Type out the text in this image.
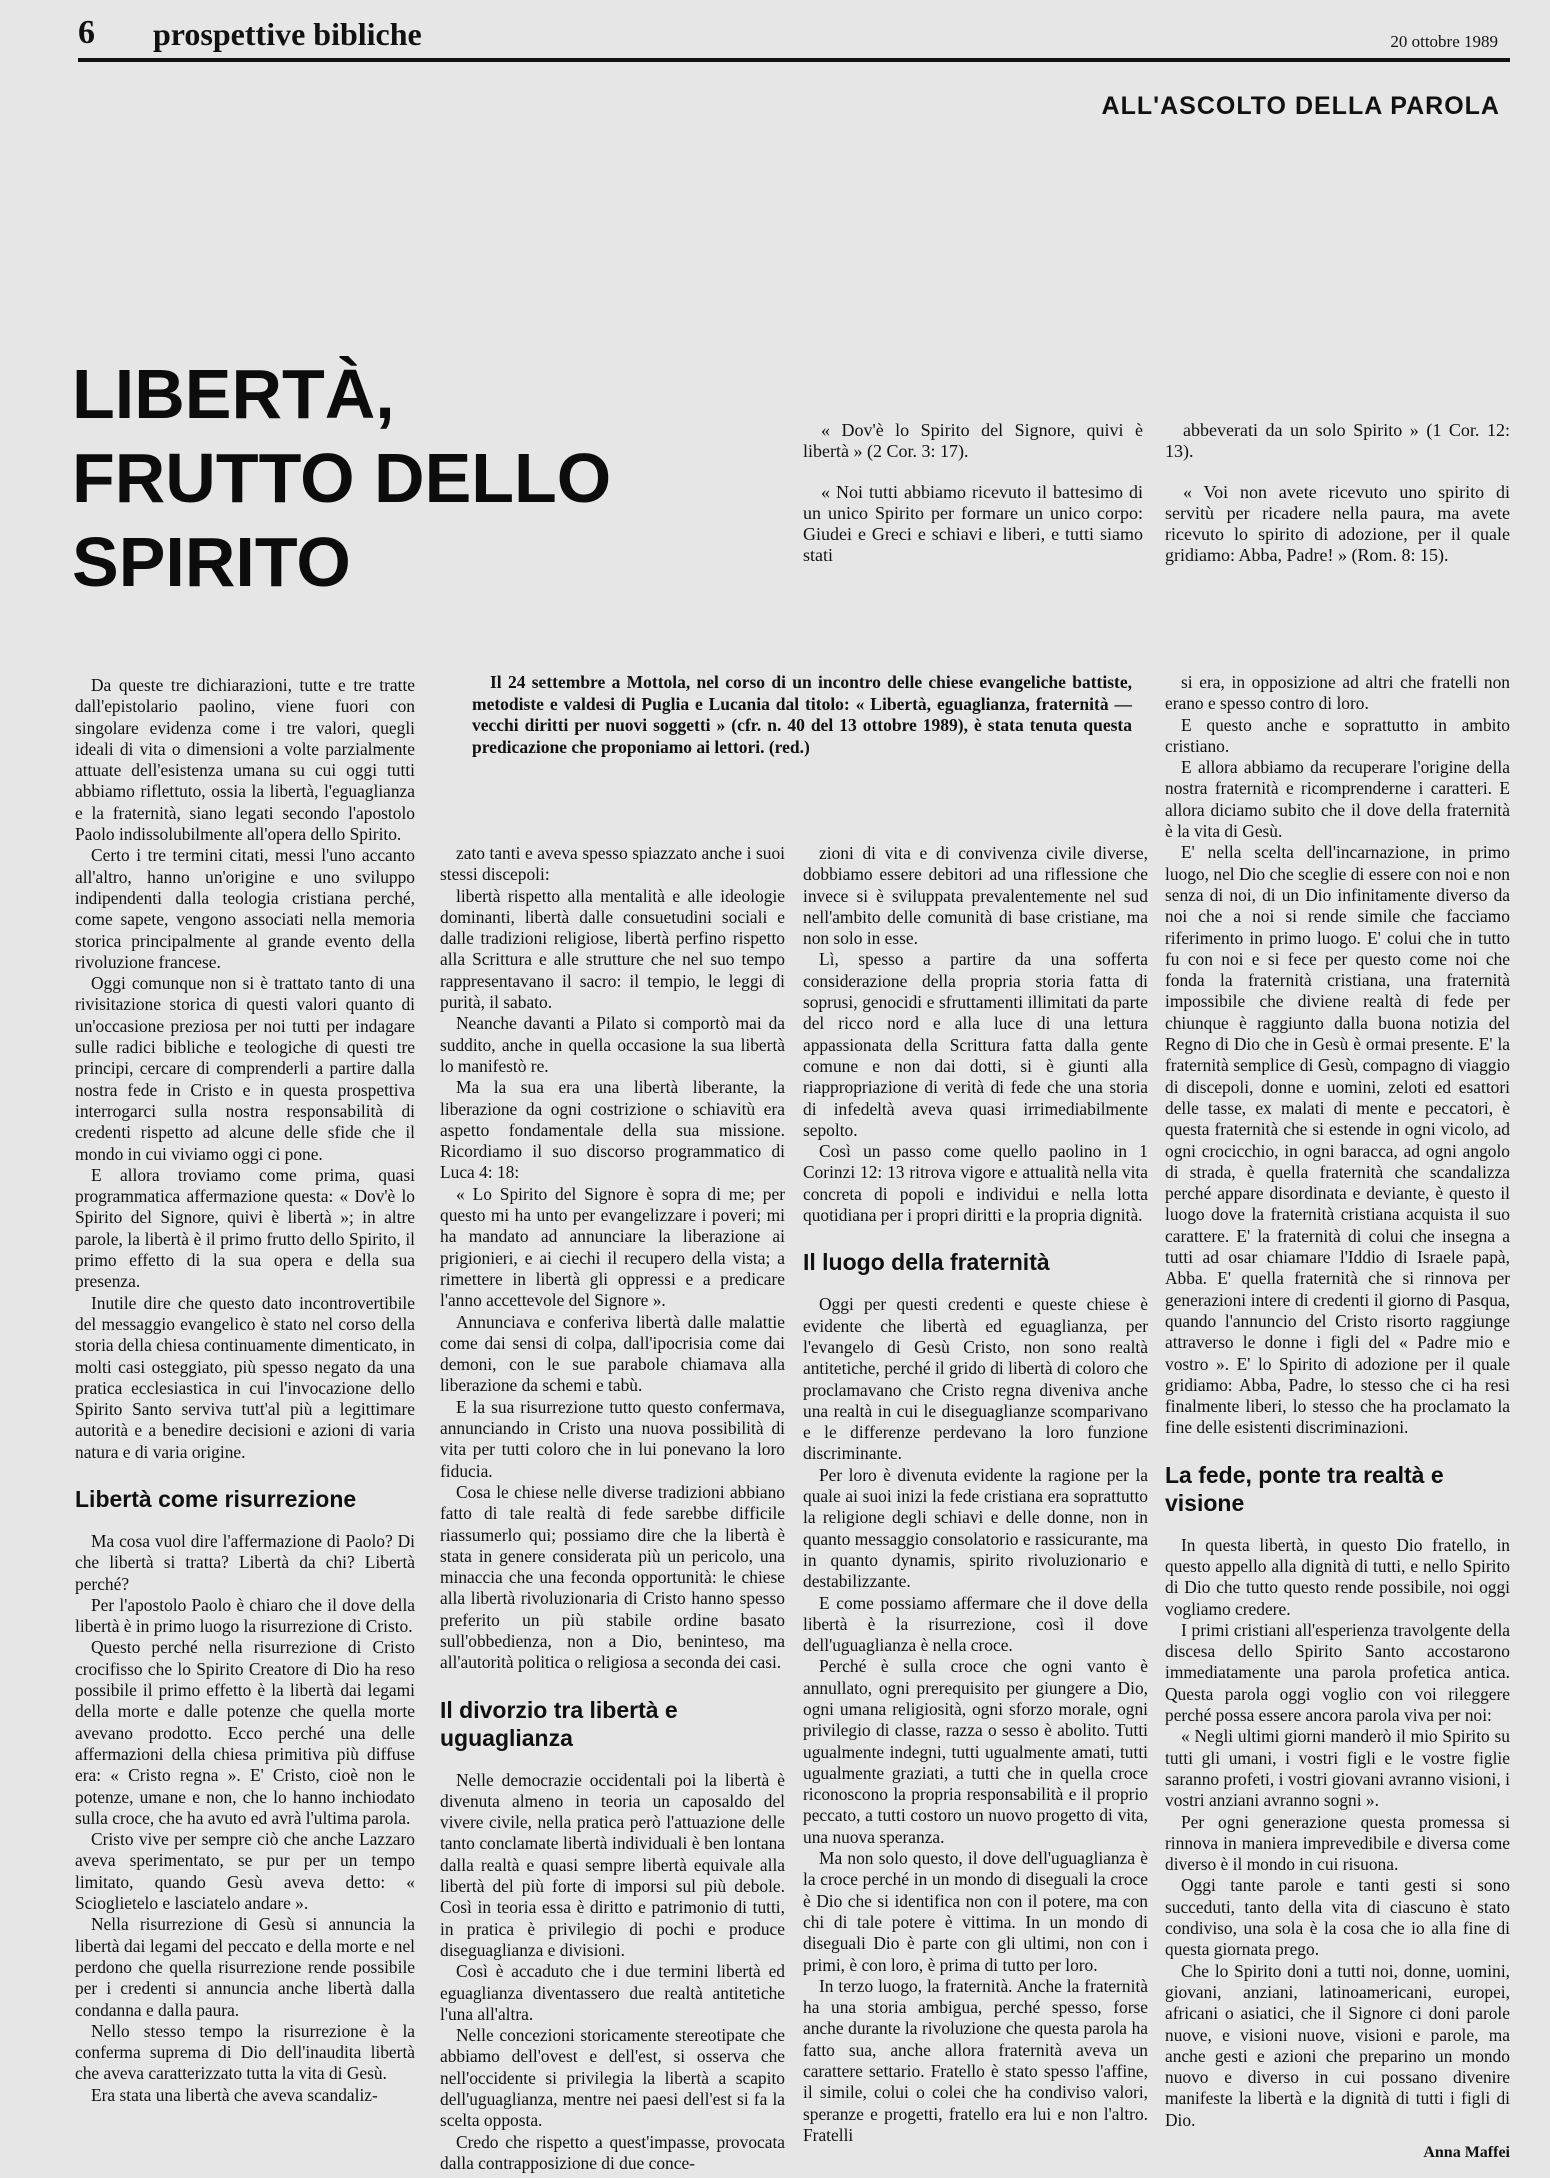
6 prospettive bibliche	20 ottobre 1989
ALL'ASCOLTO DELLA PAROLA
LIBERTÀ,
FRUTTO DELLO
SPIRITO

« Dov'è lo Spirito del Signore, quivi è libertà » (2 Cor. 3: 17).

« Noi tutti abbiamo ricevuto il battesimo di un unico Spirito per formare un unico corpo: Giudei e Greci e schiavi e liberi, e tutti siamo stati

abbeverati da un solo Spirito » (1 Cor. 12: 13).

« Voi non avete ricevuto uno spirito di servitù per ricadere nella paura, ma avete ricevuto lo spirito di adozione, per il quale gridiamo: Abba, Padre! » (Rom. 8: 15).

Il 24 settembre a Mottola, nel corso di un incontro delle chiese evangeliche battiste, metodiste e valdesi di Puglia e Lucania dal titolo: « Libertà, eguaglianza, fraternità — vecchi diritti per nuovi soggetti » (cfr. n. 40 del 13 ottobre 1989), è stata tenuta questa predicazione che proponiamo ai lettori. (red.)

Da queste tre dichiarazioni, tutte e tre tratte dall'epistolario paolino, viene fuori con singolare evidenza come i tre valori, quegli ideali di vita o dimensioni a volte parzialmente attuate dell'esistenza umana su cui oggi tutti abbiamo riflettuto, ossia la libertà, l'eguaglianza e la fraternità, siano legati secondo l'apostolo Paolo indissolubilmente all'opera dello Spirito.

Certo i tre termini citati, messi l'uno accanto all'altro, hanno un'origine e uno sviluppo indipendenti dalla teologia cristiana perché, come sapete, vengono associati nella memoria storica principalmente al grande evento della rivoluzione francese.

Oggi comunque non si è trattato tanto di una rivisitazione storica di questi valori quanto di un'occasione preziosa per noi tutti per indagare sulle radici bibliche e teologiche di questi tre principi, cercare di comprenderli a partire dalla nostra fede in Cristo e in questa prospettiva interrogarci sulla nostra responsabilità di credenti rispetto ad alcune delle sfide che il mondo in cui viviamo oggi ci pone.

E allora troviamo come prima, quasi programmatica affermazione questa: « Dov'è lo Spirito del Signore, quivi è libertà »; in altre parole, la libertà è il primo frutto dello Spirito, il primo effetto di la sua opera e della sua presenza.

Inutile dire che questo dato incontrovertibile del messaggio evangelico è stato nel corso della storia della chiesa continuamente dimenticato, in molti casi osteggiato, più spesso negato da una pratica ecclesiastica in cui l'invocazione dello Spirito Santo serviva tutt'al più a legittimare autorità e a benedire decisioni e azioni di varia natura e di varia origine.

Libertà come risurrezione

Ma cosa vuol dire l'affermazione di Paolo? Di che libertà si tratta? Libertà da chi? Libertà perché?

Per l'apostolo Paolo è chiaro che il dove della libertà è in primo luogo la risurrezione di Cristo.

Questo perché nella risurrezione di Cristo crocifisso che lo Spirito Creatore di Dio ha reso possibile il primo effetto è la libertà dai legami della morte e dalle potenze che quella morte avevano prodotto. Ecco perché una delle affermazioni della chiesa primitiva più diffuse era: « Cristo regna ». E' Cristo, cioè non le potenze, umane e non, che lo hanno inchiodato sulla croce, che ha avuto ed avrà l'ultima parola.

Cristo vive per sempre ciò che anche Lazzaro aveva sperimentato, se pur per un tempo limitato, quando Gesù aveva detto: « Scioglietelo e lasciatelo andare ».

Nella risurrezione di Gesù si annuncia la libertà dai legami del peccato e della morte e nel perdono che quella risurrezione rende possibile per i credenti si annuncia anche libertà dalla condanna e dalla paura.

Nello stesso tempo la risurrezione è la conferma suprema di Dio dell'inaudita libertà che aveva caratterizzato tutta la vita di Gesù.

Era stata una libertà che aveva scandaliz-

zato tanti e aveva spesso spiazzato anche i suoi stessi discepoli:

libertà rispetto alla mentalità e alle ideologie dominanti, libertà dalle consuetudini sociali e dalle tradizioni religiose, libertà perfino rispetto alla Scrittura e alle strutture che nel suo tempo rappresentavano il sacro: il tempio, le leggi di purità, il sabato.

Neanche davanti a Pilato si comportò mai da suddito, anche in quella occasione la sua libertà lo manifestò re.

Ma la sua era una libertà liberante, la liberazione da ogni costrizione o schiavitù era aspetto fondamentale della sua missione. Ricordiamo il suo discorso programmatico di Luca 4: 18:

« Lo Spirito del Signore è sopra di me; per questo mi ha unto per evangelizzare i poveri; mi ha mandato ad annunciare la liberazione ai prigionieri, e ai ciechi il recupero della vista; a rimettere in libertà gli oppressi e a predicare l'anno accettevole del Signore ».

Annunciava e conferiva libertà dalle malattie come dai sensi di colpa, dall'ipocrisia come dai demoni, con le sue parabole chiamava alla liberazione da schemi e tabù.

E la sua risurrezione tutto questo confermava, annunciando in Cristo una nuova possibilità di vita per tutti coloro che in lui ponevano la loro fiducia.

Cosa le chiese nelle diverse tradizioni abbiano fatto di tale realtà di fede sarebbe difficile riassumerlo qui; possiamo dire che la libertà è stata in genere considerata più un pericolo, una minaccia che una feconda opportunità: le chiese alla libertà rivoluzionaria di Cristo hanno spesso preferito un più stabile ordine basato sull'obbedienza, non a Dio, beninteso, ma all'autorità politica o religiosa a seconda dei casi.

Il divorzio tra libertà e uguaglianza

Nelle democrazie occidentali poi la libertà è divenuta almeno in teoria un caposaldo del vivere civile, nella pratica però l'attuazione delle tanto conclamate libertà individuali è ben lontana dalla realtà e quasi sempre libertà equivale alla libertà del più forte di imporsi sul più debole. Così in teoria essa è diritto e patrimonio di tutti, in pratica è privilegio di pochi e produce diseguaglianza e divisioni.

Così è accaduto che i due termini libertà ed eguaglianza diventassero due realtà antitetiche l'una all'altra.

Nelle concezioni storicamente stereotipate che abbiamo dell'ovest e dell'est, si osserva che nell'occidente si privilegia la libertà a scapito dell'uguaglianza, mentre nei paesi dell'est si fa la scelta opposta.

Credo che rispetto a quest'impasse, provocata dalla contrapposizione di due conce-

zioni di vita e di convivenza civile diverse, dobbiamo essere debitori ad una riflessione che invece si è sviluppata prevalentemente nel sud nell'ambito delle comunità di base cristiane, ma non solo in esse.

Lì, spesso a partire da una sofferta considerazione della propria storia fatta di soprusi, genocidi e sfruttamenti illimitati da parte del ricco nord e alla luce di una lettura appassionata della Scrittura fatta dalla gente comune e non dai dotti, si è giunti alla riappropriazione di verità di fede che una storia di infedeltà aveva quasi irrimediabilmente sepolto.

Così un passo come quello paolino in 1 Corinzi 12: 13 ritrova vigore e attualità nella vita concreta di popoli e individui e nella lotta quotidiana per i propri diritti e la propria dignità.

Il luogo della fraternità

Oggi per questi credenti e queste chiese è evidente che libertà ed eguaglianza, per l'evangelo di Gesù Cristo, non sono realtà antitetiche, perché il grido di libertà di coloro che proclamavano che Cristo regna diveniva anche una realtà in cui le diseguaglianze scomparivano e le differenze perdevano la loro funzione discriminante.

Per loro è divenuta evidente la ragione per la quale ai suoi inizi la fede cristiana era soprattutto la religione degli schiavi e delle donne, non in quanto messaggio consolatorio e rassicurante, ma in quanto dynamis, spirito rivoluzionario e destabilizzante.

E come possiamo affermare che il dove della libertà è la risurrezione, così il dove dell'uguaglianza è nella croce.

Perché è sulla croce che ogni vanto è annullato, ogni prerequisito per giungere a Dio, ogni umana religiosità, ogni sforzo morale, ogni privilegio di classe, razza o sesso è abolito. Tutti ugualmente indegni, tutti ugualmente amati, tutti ugualmente graziati, a tutti che in quella croce riconoscono la propria responsabilità e il proprio peccato, a tutti costoro un nuovo progetto di vita, una nuova speranza.

Ma non solo questo, il dove dell'uguaglianza è la croce perché in un mondo di diseguali la croce è Dio che si identifica non con il potere, ma con chi di tale potere è vittima. In un mondo di diseguali Dio è parte con gli ultimi, non con i primi, è con loro, è prima di tutto per loro.

In terzo luogo, la fraternità. Anche la fraternità ha una storia ambigua, perché spesso, forse anche durante la rivoluzione che questa parola ha fatto sua, anche allora fraternità aveva un carattere settario. Fratello è stato spesso l'affine, il simile, colui o colei che ha condiviso valori, speranze e progetti, fratello era lui e non l'altro. Fratelli

si era, in opposizione ad altri che fratelli non erano e spesso contro di loro.

E questo anche e soprattutto in ambito cristiano.

E allora abbiamo da recuperare l'origine della nostra fraternità e ricomprenderne i caratteri. E allora diciamo subito che il dove della fraternità è la vita di Gesù.

E' nella scelta dell'incarnazione, in primo luogo, nel Dio che sceglie di essere con noi e non senza di noi, di un Dio infinitamente diverso da noi che a noi si rende simile che facciamo riferimento in primo luogo. E' colui che in tutto fu con noi e si fece per questo come noi che fonda la fraternità cristiana, una fraternità impossibile che diviene realtà di fede per chiunque è raggiunto dalla buona notizia del Regno di Dio che in Gesù è ormai presente. E' la fraternità semplice di Gesù, compagno di viaggio di discepoli, donne e uomini, zeloti ed esattori delle tasse, ex malati di mente e peccatori, è questa fraternità che si estende in ogni vicolo, ad ogni crocicchio, in ogni baracca, ad ogni angolo di strada, è quella fraternità che scandalizza perché appare disordinata e deviante, è questo il luogo dove la fraternità cristiana acquista il suo carattere. E' la fraternità di colui che insegna a tutti ad osar chiamare l'Iddio di Israele papà, Abba. E' quella fraternità che si rinnova per generazioni intere di credenti il giorno di Pasqua, quando l'annuncio del Cristo risorto raggiunge attraverso le donne i figli del « Padre mio e vostro ». E' lo Spirito di adozione per il quale gridiamo: Abba, Padre, lo stesso che ci ha resi finalmente liberi, lo stesso che ha proclamato la fine delle esistenti discriminazioni.

La fede, ponte tra realtà e visione

In questa libertà, in questo Dio fratello, in questo appello alla dignità di tutti, e nello Spirito di Dio che tutto questo rende possibile, noi oggi vogliamo credere.

I primi cristiani all'esperienza travolgente della discesa dello Spirito Santo accostarono immediatamente una parola profetica antica. Questa parola oggi voglio con voi rileggere perché possa essere ancora parola viva per noi:

« Negli ultimi giorni manderò il mio Spirito su tutti gli umani, i vostri figli e le vostre figlie saranno profeti, i vostri giovani avranno visioni, i vostri anziani avranno sogni ».

Per ogni generazione questa promessa si rinnova in maniera imprevedibile e diversa come diverso è il mondo in cui risuona.

Oggi tante parole e tanti gesti si sono succeduti, tanto della vita di ciascuno è stato condiviso, una sola è la cosa che io alla fine di questa giornata prego.

Che lo Spirito doni a tutti noi, donne, uomini, giovani, anziani, latinoamericani, europei, africani o asiatici, che il Signore ci doni parole nuove, e visioni nuove, visioni e parole, ma anche gesti e azioni che preparino un mondo nuovo e diverso in cui possano divenire manifeste la libertà e la dignità di tutti i figli di Dio.

Anna Maffei
